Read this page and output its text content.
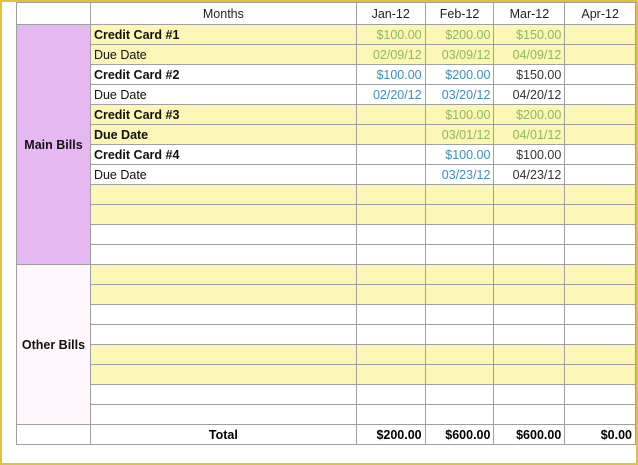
	Months	Jan-12	Feb-12	Mar-12	Apr-12
Main Bills	Credit Card #1	$100.00	$200.00	$150.00	
	Due Date	02/09/12	03/09/12	04/09/12	
	Credit Card #2	$100.00	$200.00	$150.00	
	Due Date	02/20/12	03/20/12	04/20/12	
	Credit Card #3		$100.00	$200.00	
	Due Date		03/01/12	04/01/12	
	Credit Card #4		$100.00	$100.00	
	Due Date		03/23/12	04/23/12	

Other Bills					

	Total	$200.00	$600.00	$600.00	$0.00
